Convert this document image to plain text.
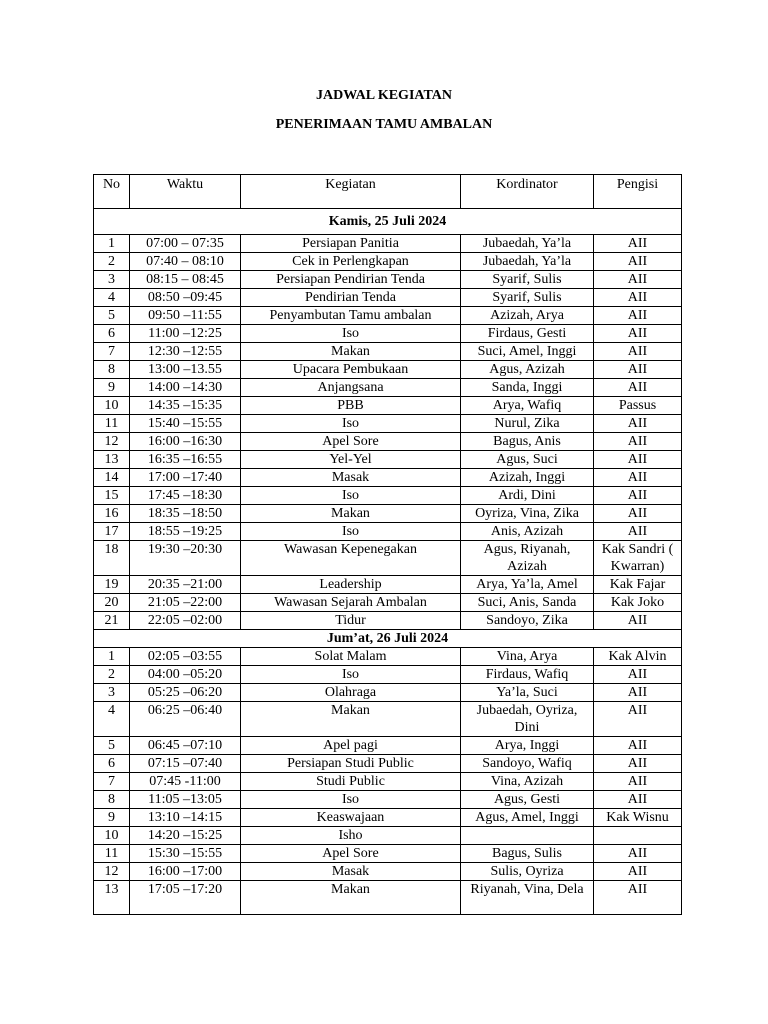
JADWAL KEGIATAN
PENERIMAAN TAMU AMBALAN
No	Waktu	Kegiatan	Kordinator	Pengisi
Kamis, 25 Juli 2024				
1	07:00 – 07:35	Persiapan Panitia	Jubaedah, Ya’la	AII
2	07:40 – 08:10	Cek in Perlengkapan	Jubaedah, Ya’la	AII
3	08:15 – 08:45	Persiapan Pendirian Tenda	Syarif, Sulis	AII
4	08:50 –09:45	Pendirian Tenda	Syarif, Sulis	AII
5	09:50 –11:55	Penyambutan Tamu ambalan	Azizah, Arya	AII
6	11:00 –12:25	Iso	Firdaus, Gesti	AII
7	12:30 –12:55	Makan	Suci, Amel, Inggi	AII
8	13:00 –13.55	Upacara Pembukaan	Agus, Azizah	AII
9	14:00 –14:30	Anjangsana	Sanda, Inggi	AII
10	14:35 –15:35	PBB	Arya, Wafiq	Passus
11	15:40 –15:55	Iso	Nurul, Zika	AII
12	16:00 –16:30	Apel Sore	Bagus, Anis	AII
13	16:35 –16:55	Yel-Yel	Agus, Suci	AII
14	17:00 –17:40	Masak	Azizah, Inggi	AII
15	17:45 –18:30	Iso	Ardi, Dini	AII
16	18:35 –18:50	Makan	Oyriza, Vina, Zika	AII
17	18:55 –19:25	Iso	Anis, Azizah	AII
18	19:30 –20:30	Wawasan Kepenegakan	Agus, Riyanah, Azizah	Kak Sandri ( Kwarran)
19	20:35 –21:00	Leadership	Arya, Ya’la, Amel	Kak Fajar
20	21:05 –22:00	Wawasan Sejarah Ambalan	Suci, Anis, Sanda	Kak Joko
21	22:05 –02:00	Tidur	Sandoyo, Zika	AII
Jum’at, 26 Juli 2024				
1	02:05 –03:55	Solat Malam	Vina, Arya	Kak Alvin
2	04:00 –05:20	Iso	Firdaus, Wafiq	AII
3	05:25 –06:20	Olahraga	Ya’la, Suci	AII
4	06:25 –06:40	Makan	Jubaedah, Oyriza, Dini	AII
5	06:45 –07:10	Apel pagi	Arya, Inggi	AII
6	07:15 –07:40	Persiapan Studi Public	Sandoyo, Wafiq	AII
7	07:45 -11:00	Studi Public	Vina, Azizah	AII
8	11:05 –13:05	Iso	Agus, Gesti	AII
9	13:10 –14:15	Keaswajaan	Agus, Amel, Inggi	Kak Wisnu
10	14:20 –15:25	Isho		
11	15:30 –15:55	Apel Sore	Bagus, Sulis	AII
12	16:00 –17:00	Masak	Sulis, Oyriza	AII
13	17:05 –17:20	Makan	Riyanah, Vina, Dela	AII
